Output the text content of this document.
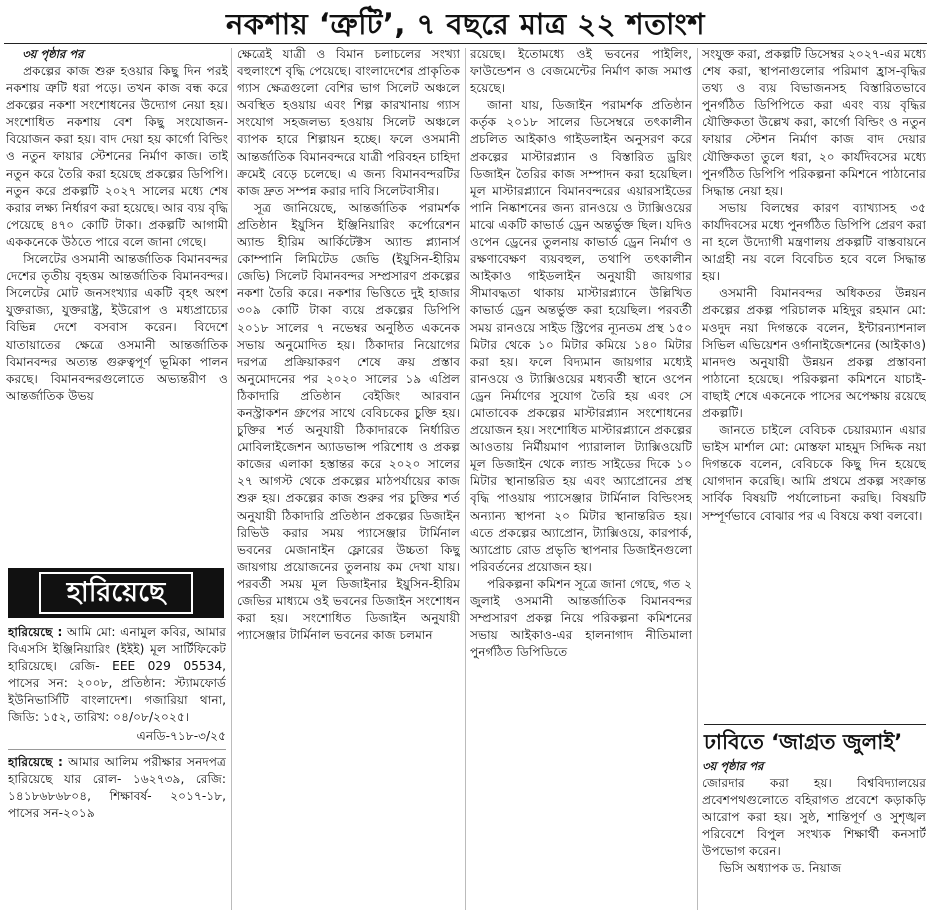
নকশায় ‘ত্রুটি’, ৭ বছরে মাত্র ২২ শতাংশ

৩য় পৃষ্ঠার পর

প্রকল্পের কাজ শুরু হওয়ার কিছু দিন পরই নকশায় ত্রুটি ধরা পড়ে। তখন কাজ বন্ধ করে প্রকল্পের নকশা সংশোধনের উদ্যোগ নেয়া হয়। সংশোধিত নকশায় বেশ কিছু সংযোজন-বিয়োজন করা হয়। বাদ দেয়া হয় কার্গো বিল্ডিং ও নতুন ফায়ার স্টেশনের নির্মাণ কাজ। তাই নতুন করে তৈরি করা হয়েছে প্রকল্পের ডিপিপি। নতুন করে প্রকল্পটি ২০২৭ সালের মধ্যে শেষ করার লক্ষ্য নির্ধারণ করা হয়েছে। আর ব্যয় বৃদ্ধি পেয়েছে ৪৭০ কোটি টাকা। প্রকল্পটি আগামী এককনেকে উঠতে পারে বলে জানা গেছে।

সিলেটের ওসমানী আন্তর্জাতিক বিমানবন্দর দেশের তৃতীয় বৃহত্তম আন্তর্জাতিক বিমানবন্দর। সিলেটের মোট জনসংখ্যার একটি বৃহৎ অংশ যুক্তরাজ্য, যুক্তরাষ্ট্র, ইউরোপ ও মধ্যপ্রাচ্যের বিভিন্ন দেশে বসবাস করেন। বিদেশে যাতায়াতের ক্ষেত্রে ওসমানী আন্তর্জাতিক বিমানবন্দর অত্যন্ত গুরুত্বপূর্ণ ভূমিকা পালন করছে। বিমানবন্দরগুলোতে অভ্যন্তরীণ ও আন্তর্জাতিক উভয়

ক্ষেত্রেই যাত্রী ও বিমান চলাচলের সংখ্যা বহুলাংশে বৃদ্ধি পেয়েছে। বাংলাদেশের প্রাকৃতিক গ্যাস ক্ষেত্রগুলো বেশির ভাগ সিলেট অঞ্চলে অবস্থিত হওয়ায় এবং শিল্প কারখানায় গ্যাস সংযোগ সহজলভ্য হওয়ায় সিলেট অঞ্চলে ব্যাপক হারে শিল্পায়ন হচ্ছে। ফলে ওসমানী আন্তর্জাতিক বিমানবন্দরে যাত্রী পরিবহন চাহিদা ক্রমেই বেড়ে চলেছে। এ জন্য বিমানবন্দরটির কাজ দ্রুত সম্পন্ন করার দাবি সিলেটবাসীর।

সূত্র জানিয়েছে, আন্তর্জাতিক পরামর্শক প্রতিষ্ঠান ইয়ুসিন ইঞ্জিনিয়ারিং কর্পোরেশন অ্যান্ড হীরিম আর্কিটেক্টস অ্যান্ড প্ল্যানার্স কোম্পানি লিমিটেড জেভি (ইয়ুসিন-হীরিম জেভি) সিলেট বিমানবন্দর সম্প্রসারণ প্রকল্পের নকশা তৈরি করে। নকশার ভিত্তিতে দুই হাজার ৩০৯ কোটি টাকা ব্যয়ে প্রকল্পের ডিপিপি ২০১৮ সালের ৭ নভেম্বর অনুষ্ঠিত একনেক সভায় অনুমোদিত হয়। ঠিকাদার নিয়োগের দরপত্র প্রক্রিয়াকরণ শেষে ক্রয় প্রস্তাব অনুমোদনের পর ২০২০ সালের ১৯ এপ্রিল ঠিকাদারি প্রতিষ্ঠান বেইজিং আরবান কনস্ট্রাকশন গ্রুপের সাথে বেবিচকের চুক্তি হয়। চুক্তির শর্ত অনুযায়ী ঠিকাদারকে নির্ধারিত মোবিলাইজেশন অ্যাডভান্স পরিশোধ ও প্রকল্প কাজের এলাকা হস্তান্তর করে ২০২০ সালের ২৭ আগস্ট থেকে প্রকল্পের মাঠপর্যায়ের কাজ শুরু হয়। প্রকল্পের কাজ শুরুর পর চুক্তির শর্ত অনুযায়ী ঠিকাদারি প্রতিষ্ঠান প্রকল্পের ডিজাইন রিভিউ করার সময় প্যাসেঞ্জার টার্মিনাল ভবনের মেজানাইন ফ্লোরের উচ্চতা কিছু জায়গায় প্রয়োজনের তুলনায় কম দেখা যায়। পরবর্তী সময় মূল ডিজাইনার ইয়ুসিন-হীরিম জেভির মাধ্যমে ওই ভবনের ডিজাইন সংশোধন করা হয়। সংশোধিত ডিজাইন অনুযায়ী প্যাসেঞ্জার টার্মিনাল ভবনের কাজ চলমান

রয়েছে। ইতোমধ্যে ওই ভবনের পাইলিং, ফাউন্ডেশন ও বেজমেন্টের নির্মাণ কাজ সমাপ্ত হয়েছে।

জানা যায়, ডিজাইন পরামর্শক প্রতিষ্ঠান কর্তৃক ২০১৮ সালের ডিসেম্বরে তৎকালীন প্রচলিত আইকাও গাইডলাইন অনুসরণ করে প্রকল্পের মাস্টারপ্ল্যান ও বিস্তারিত ড্রয়িং ডিজাইন তৈরির কাজ সম্পাদন করা হয়েছিল। মূল মাস্টারপ্ল্যানে বিমানবন্দরের এয়ারসাইডের পানি নিষ্কাশনের জন্য রানওয়ে ও ট্যাক্সিওয়ের মাঝে একটি কাভার্ড ড্রেন অন্তর্ভুক্ত ছিল। যদিও ওপেন ড্রেনের তুলনায় কাভার্ড ড্রেন নির্মাণ ও রক্ষণাবেক্ষণ ব্যয়বহুল, তথাপি তৎকালীন আইকাও গাইডলাইন অনুযায়ী জায়গার সীমাবদ্ধতা থাকায় মাস্টারপ্ল্যানে উল্লিখিত কাভার্ড ড্রেন অন্তর্ভুক্ত করা হয়েছিল। পরবর্তী সময় রানওয়ে সাইড স্ট্রিপের ন্যূনতম প্রস্থ ১৫০ মিটার থেকে ১০ মিটার কমিয়ে ১৪০ মিটার করা হয়। ফলে বিদ্যমান জায়গার মধ্যেই রানওয়ে ও ট্যাক্সিওয়ের মধ্যবর্তী স্থানে ওপেন ড্রেন নির্মাণের সুযোগ তৈরি হয় এবং সে মোতাবেক প্রকল্পের মাস্টারপ্ল্যান সংশোধনের প্রয়োজন হয়। সংশোধিত মাস্টারপ্ল্যানে প্রকল্পের আওতায় নির্মীয়মাণ প্যারালাল ট্যাক্সিওয়েটি মূল ডিজাইন থেকে ল্যান্ড সাইডের দিকে ১০ মিটার স্থানান্তরিত হয় এবং অ্যাপ্রোনের প্রস্থ বৃদ্ধি পাওয়ায় প্যাসেঞ্জার টার্মিনাল বিল্ডিংসহ অন্যান্য স্থাপনা ২০ মিটার স্থানান্তরিত হয়। এতে প্রকল্পের অ্যাপ্রোন, ট্যাক্সিওয়ে, কারপার্ক, অ্যাপ্রোচ রোড প্রভৃতি স্থাপনার ডিজাইনগুলো পরিবর্তনের প্রয়োজন হয়।

পরিকল্পনা কমিশন সূত্রে জানা গেছে, গত ২ জুলাই ওসমানী আন্তর্জাতিক বিমানবন্দর সম্প্রসারণ প্রকল্প নিয়ে পরিকল্পনা কমিশনের সভায় আইকাও-এর হালনাগাদ নীতিমালা পুনর্গঠিত ডিপিডিতে

সংযুক্ত করা, প্রকল্পটি ডিসেম্বর ২০২৭-এর মধ্যে শেষ করা, স্থাপনাগুলোর পরিমাণ হ্রাস-বৃদ্ধির তথ্য ও ব্যয় বিভাজনসহ বিস্তারিতভাবে পুনর্গঠিত ডিপিপিতে করা এবং ব্যয় বৃদ্ধির যৌক্তিকতা উল্লেখ করা, কার্গো বিল্ডিং ও নতুন ফায়ার স্টেশন নির্মাণ কাজ বাদ দেয়ার যৌক্তিকতা তুলে ধরা, ২০ কার্যদিবসের মধ্যে পুনর্গঠিত ডিপিপি পরিকল্পনা কমিশনে পাঠানোর সিদ্ধান্ত নেয়া হয়।

সভায় বিলম্বের কারণ ব্যাখ্যাসহ ৩৫ কার্যদিবসের মধ্যে পুনর্গঠিত ডিপিপি প্রেরণ করা না হলে উদ্যোগী মন্ত্রণালয় প্রকল্পটি বাস্তবায়নে আগ্রহী নয় বলে বিবেচিত হবে বলে সিদ্ধান্ত হয়।

ওসমানী বিমানবন্দর অধিকতর উন্নয়ন প্রকল্পের প্রকল্প পরিচালক মহিদুর রহমান মো: মওদুদ নয়া দিগন্তকে বলেন, ইন্টারন্যাশনাল সিভিল এভিয়েশন ওর্গানাইজেশনের (আইকাও) মানদণ্ড অনুযায়ী উন্নয়ন প্রকল্প প্রস্তাবনা পাঠানো হয়েছে। পরিকল্পনা কমিশনে যাচাই-বাছাই শেষে একনেকে পাসের অপেক্ষায় রয়েছে প্রকল্পটি।

জানতে চাইলে বেবিচক চেয়ারম্যান এয়ার ভাইস মার্শাল মো: মোস্তফা মাহমুদ সিদ্দিক নয়া দিগন্তকে বলেন, বেবিচকে কিছু দিন হয়েছে যোগদান করেছি। আমি প্রথমে প্রকল্প সংক্রান্ত সার্বিক বিষয়টি পর্যালোচনা করছি। বিষয়টি সম্পূর্ণভাবে বোঝার পর এ বিষয়ে কথা বলবো।

হারিয়েছে

হারিয়েছে : আমি মো: এনামুল কবির, আমার বিএসসি ইঞ্জিনিয়ারিং (ইইই) মূল সার্টিফিকেট হারিয়েছে। রেজি- EEE 029 05534, পাসের সন: ২০০৮, প্রতিষ্ঠান: স্ট্যামফোর্ড ইউনিভার্সিটি বাংলাদেশ। গজারিয়া থানা, জিডি: ১৫২, তারিখ: ০৪/০৮/২০২৫।

এনডি-৭১৮-৩/২৫

হারিয়েছে : আমার আলিম পরীক্ষার সনদপত্র হারিয়েছে যার রোল- ১৬২৭৩৯, রেজি: ১৪১৮৬৮৬৮০৪, শিক্ষাবর্ষ- ২০১৭-১৮, পাসের সন-২০১৯

ঢাবিতে ‘জাগ্রত জুলাই’

৩য় পৃষ্ঠার পর

জোরদার করা হয়। বিশ্ববিদ্যালয়ের প্রবেশপথগুলোতে বহিরাগত প্রবেশে কড়াকড়ি আরোপ করা হয়। সুষ্ঠ, শান্তিপূর্ণ ও সুশৃঙ্খল পরিবেশে বিপুল সংখ্যক শিক্ষার্থী কনসার্ট উপভোগ করেন।

ভিসি অধ্যাপক ড. নিয়াজ
